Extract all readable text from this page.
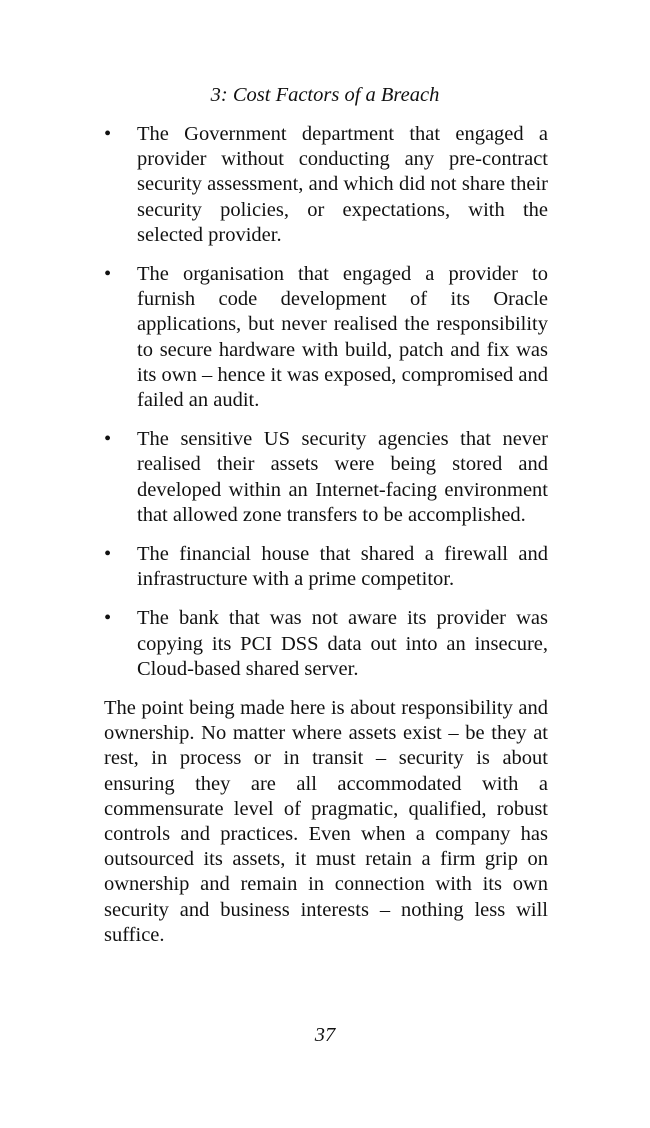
3: Cost Factors of a Breach
• The Government department that engaged a provider without conducting any pre-contract security assessment, and which did not share their security policies, or expectations, with the selected provider.
• The organisation that engaged a provider to furnish code development of its Oracle applications, but never realised the responsibility to secure hardware with build, patch and fix was its own – hence it was exposed, compromised and failed an audit.
• The sensitive US security agencies that never realised their assets were being stored and developed within an Internet-facing environment that allowed zone transfers to be accomplished.
• The financial house that shared a firewall and infrastructure with a prime competitor.
• The bank that was not aware its provider was copying its PCI DSS data out into an insecure, Cloud-based shared server.

The point being made here is about responsibility and ownership. No matter where assets exist – be they at rest, in process or in transit – security is about ensuring they are all accommodated with a commensurate level of pragmatic, qualified, robust controls and practices. Even when a company has outsourced its assets, it must retain a firm grip on ownership and remain in connection with its own security and business interests – nothing less will suffice.

37
